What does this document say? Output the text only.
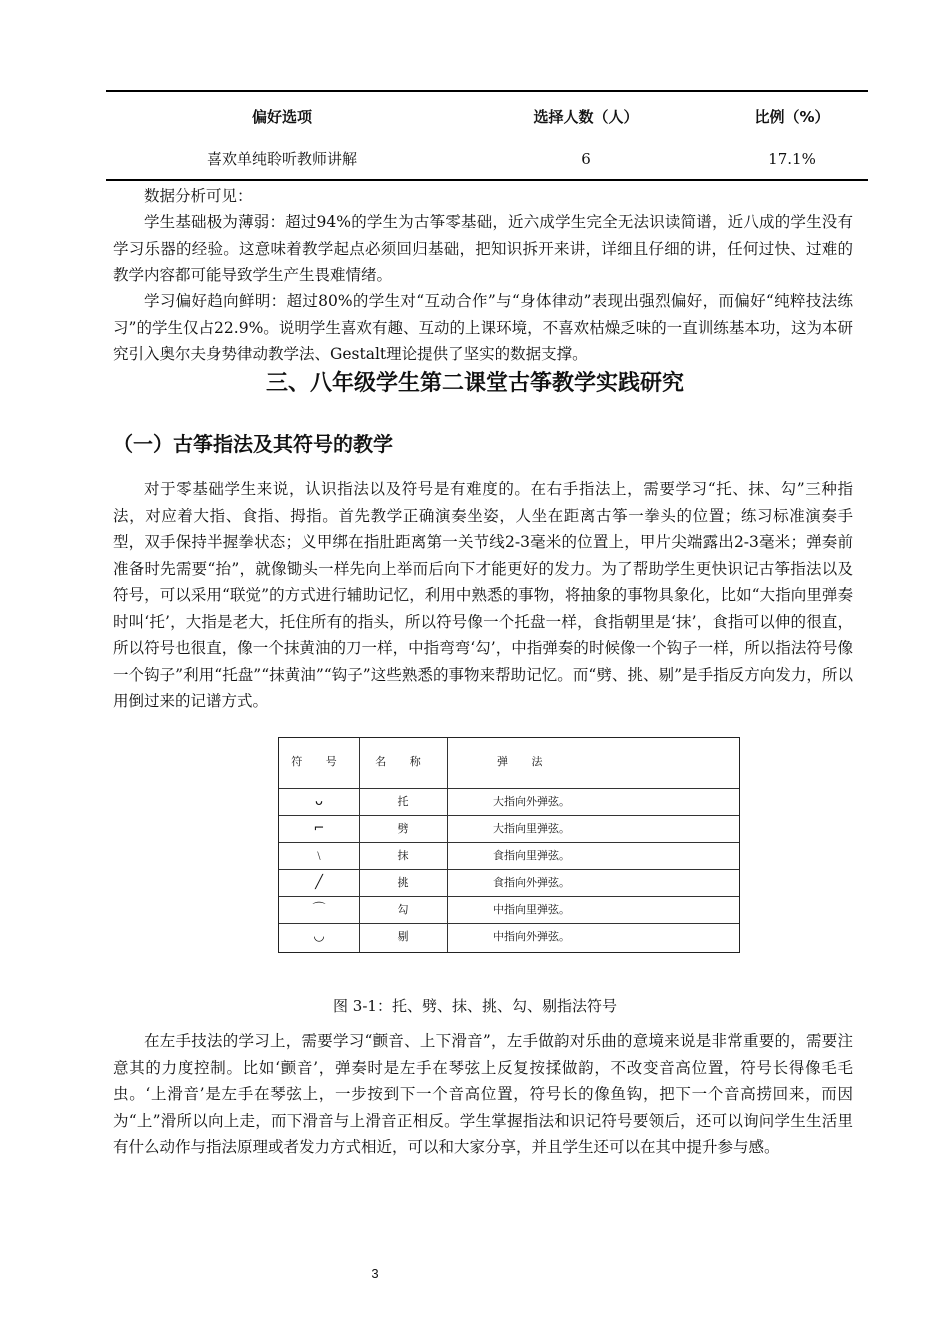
偏好选项	选择人数（人）	比例（%）
喜欢单纯聆听教师讲解	6	17.1%

数据分析可见：

学生基础极为薄弱：超过94%的学生为古筝零基础，近六成学生完全无法识读简谱，近八成的学生没有学习乐器的经验。这意味着教学起点必须回归基础，把知识拆开来讲，详细且仔细的讲，任何过快、过难的教学内容都可能导致学生产生畏难情绪。

学习偏好趋向鲜明：超过80%的学生对“互动合作”与“身体律动”表现出强烈偏好，而偏好“纯粹技法练习”的学生仅占22.9%。说明学生喜欢有趣、互动的上课环境，不喜欢枯燥乏味的一直训练基本功，这为本研究引入奥尔夫身势律动教学法、Gestalt理论提供了坚实的数据支撑。

三、八年级学生第二课堂古筝教学实践研究
（一）古筝指法及其符号的教学

对于零基础学生来说，认识指法以及符号是有难度的。在右手指法上，需要学习“托、抹、勾”三种指法，对应着大指、食指、拇指。首先教学正确演奏坐姿，人坐在距离古筝一拳头的位置；练习标准演奏手型，双手保持半握拳状态；义甲绑在指肚距离第一关节线2-3毫米的位置上，甲片尖端露出2-3毫米；弹奏前准备时先需要“抬”，就像锄头一样先向上举而后向下才能更好的发力。为了帮助学生更快识记古筝指法以及符号，可以采用“联觉”的方式进行辅助记忆，利用中熟悉的事物，将抽象的事物具象化，比如“大指向里弹奏时叫‘托’，大指是老大，托住所有的指头，所以符号像一个托盘一样，食指朝里是‘抹’，食指可以伸的很直，所以符号也很直，像一个抹黄油的刀一样，中指弯弯‘勾’，中指弹奏的时候像一个钩子一样，所以指法符号像一个钩子”利用“托盘”“抹黄油”“钩子”这些熟悉的事物来帮助记忆。而“劈、挑、剔”是手指反方向发力，所以用倒过来的记谱方式。

符 号	名 称	弹 法
ᴗ	托	大指向外弹弦。
⌐	劈	大指向里弹弦。
﹨	抹	食指向里弹弦。
╱	挑	食指向外弹弦。
⌒	勾	中指向里弹弦。
◡	剔	中指向外弹弦。

图 3-1：托、劈、抹、挑、勾、剔指法符号

在左手技法的学习上，需要学习“颤音、上下滑音”，左手做韵对乐曲的意境来说是非常重要的，需要注意其的力度控制。比如‘颤音’，弹奏时是左手在琴弦上反复按揉做韵，不改变音高位置，符号长得像毛毛虫。‘上滑音’是左手在琴弦上，一步按到下一个音高位置，符号长的像鱼钩，把下一个音高捞回来，而因为“上”滑所以向上走，而下滑音与上滑音正相反。学生掌握指法和识记符号要领后，还可以询问学生生活里有什么动作与指法原理或者发力方式相近，可以和大家分享，并且学生还可以在其中提升参与感。

3
